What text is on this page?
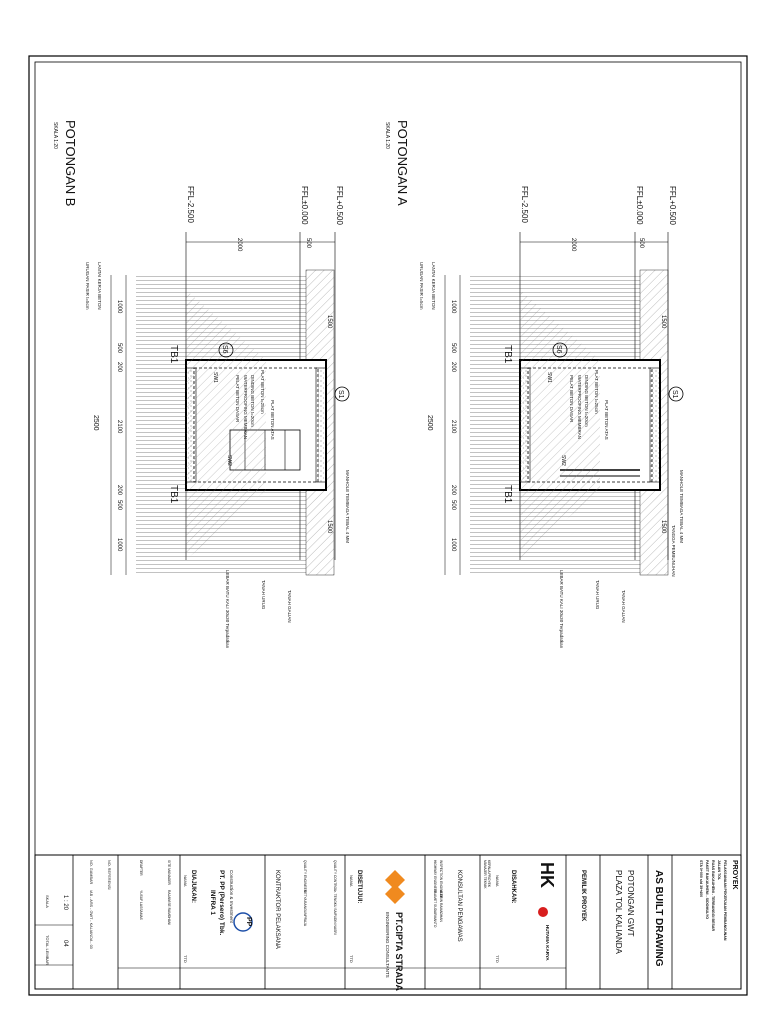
POTONGAN A
SKALA 1:20
FFL+0.500
FFL±0.000
FFL-2.500
500
2000
1500
1500
1000
500
200
2100
200
500
1000
2500
TB1
TB1
S1
S6
MANHOLE TEMBAGA TEBAL 4 MM
TANGGA PEMBUNUHAN
TANAH URUG	TANAH GALIAN
LANTAI KERJA BETON
URUGAN PASIR t=5cm
PLAT BETON t=25cm
PLAT BETON ATAS
DINDING BETON t=20cm
WATERPROOFING MEMBRAN
PELAT BETON DASAR
SW1
SW2
LEBAR BATU KALI 30x30 Terpadatkan
POTONGAN B
SKALA 1:20
FFL+0.500
FFL±0.000
FFL-2.500
500
2000
1500
1500
1000
500
200
2100
200
500
1000
2500
TB1
TB1
S1
S6
MANHOLE TEMBAGA TEBAL 4 MM
TANAH URUG	TANAH GALIAN
LANTAI KERJA BETON
URUGAN PASIR t=5cm
PLAT BETON t=25cm
PLAT BETON ATAS
DINDING BETON t=20cm
WATERPROOFING MEMBRAN
PELAT BETON DASAR
SW1
SW2
LEBAR BATU KALI 30x30 Terpadatkan
PROYEK
PELAKSANAAN PEKERJAAN PEMBANGUNAN
JALAN TOL
RUAS BAKAUHENI - TERBANGGI BESAR
PAKET BAKAUHENI - SIDOMULYO
STA 0+000 s/d 39+400
AS BUILT DRAWING
POTONGAN GWT
PLAZA TOL KALIANDA
PEMILIK PROYEK
HK
HUTAMA KARYA
DISAHKAN:
NAMA
TTD
KEPALA PROYEK
MANAJER TEKNIK
KONSULTAN PENGAWAS
INSPECTION ENGINEER
HIGHWAY ENGINEER
ALDRIN RAMADHAN
SLAMET SUDARMANTO
PT.CIPTA STRADA
ENGINEERING CONSULTANTS
DISETUJUI:
NAMA
TTD
QUALITY CONTROL
Ir. TENGKU SAIFUDIN NASRI
QUALITY ENGINEER
SETYA BANGUNPRAJA
KONTRAKTOR PELAKSANA
PP
Construction & Investment
PT. PP (Persero) Tbk.
INFRA 1
DIAJUKAN:
NAMA
TTD
SITE MANAGER
RAJAWISE RAMDHANI
DRAFTER
YUSUF LASSAMAS
NO. REFERENSI
NO. GAMBAR
/AB - ARS - GWT - KALIANDA - 03
1 : 20
SKALA
04
TOTAL LEMBAR
